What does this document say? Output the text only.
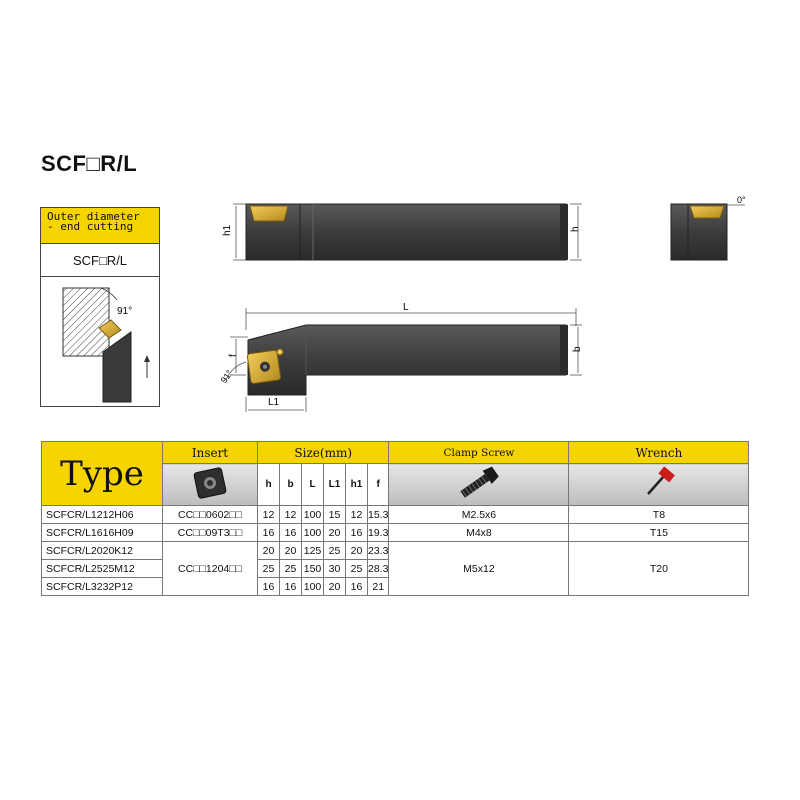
SCF□R/L
h1	h
0°
L
b
f
L1
91°
Outer diameter
- end cutting
SCF□R/L
91°
Type	Insert	Size(mm)						Clamp Screw	Wrench
	h	b	L	L1	h1	f		
SCFCR/L1212H06	CC□□0602□□	12	12	100	15	12	15.3	M2.5x6	T8
SCFCR/L1616H09	CC□□09T3□□	16	16	100	20	16	19.3	M4x8	T15
SCFCR/L2020K12	CC□□1204□□	20	20	125	25	20	23.3	M5x12	T20
SCFCR/L2525M12		25	25	150	30	25	28.3		
SCFCR/L3232P12		16	16	100	20	16	21		
